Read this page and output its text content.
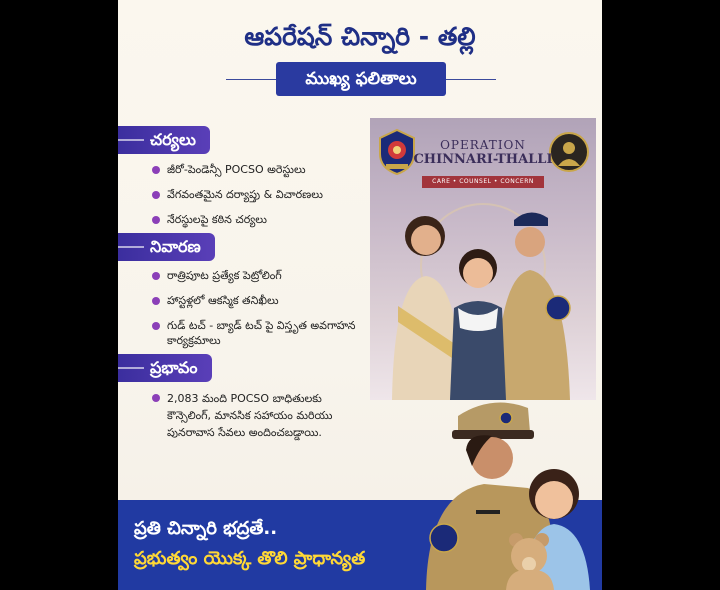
ఆపరేషన్ చిన్నారి - తల్లి
ముఖ్య ఫలితాలు
చర్యలు
జీరో-పెండెన్సీ POCSO అరెస్టులు
వేగవంతమైన దర్యాప్తు & విచారణలు
నేరస్థులపై కఠిన చర్యలు
నివారణ
రాత్రిపూట ప్రత్యేక పెట్రోలింగ్
హాస్టళ్లలో ఆకస్మిక తనిఖీలు
గుడ్ టచ్ - బ్యాడ్ టచ్ పై విస్తృత అవగాహన కార్యక్రమాలు
ప్రభావం
2,083 మంది POCSO బాధితులకు కౌన్సెలింగ్, మానసిక సహాయం మరియు పునరావాస సేవలు అందించబడ్డాయి.
OPERATION
CHINNARI-THALLI
CARE • COUNSEL • CONCERN
ప్రతి చిన్నారి భద్రతే..
ప్రభుత్వం యొక్క తొలి ప్రాధాన్యత
